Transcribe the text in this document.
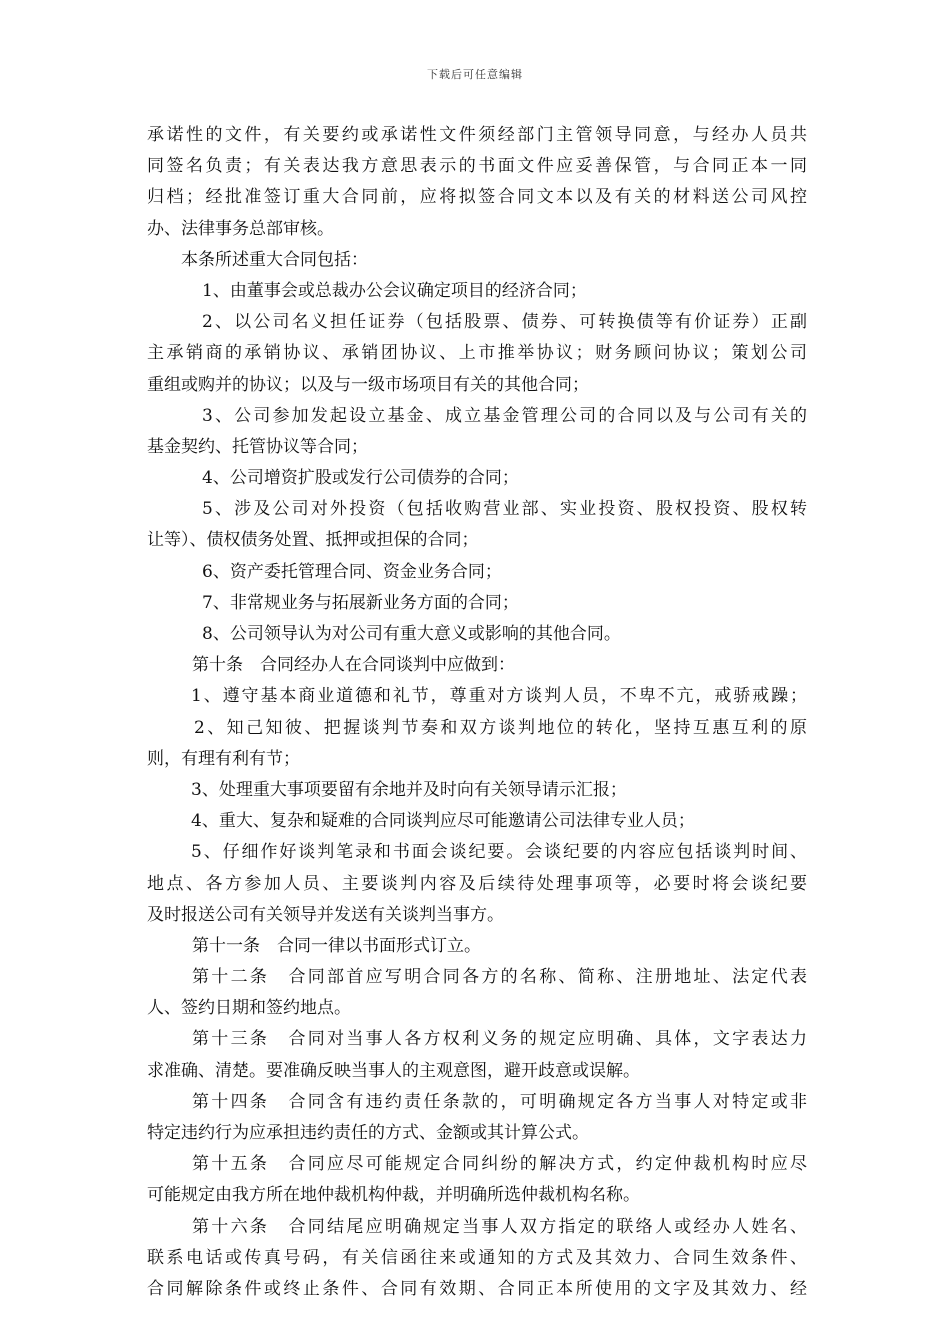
下载后可任意编辑
承诺性的文件，有关要约或承诺性文件须经部门主管领导同意，与经办人员共
同签名负责；有关表达我方意思表示的书面文件应妥善保管，与合同正本一同
归档；经批准签订重大合同前，应将拟签合同文本以及有关的材料送公司风控
办、法律事务总部审核。
本条所述重大合同包括：
1、由董事会或总裁办公会议确定项目的经济合同；
2、以公司名义担任证券（包括股票、债券、可转换债等有价证券）正副
主承销商的承销协议、承销团协议、上市推举协议；财务顾问协议；策划公司
重组或购并的协议；以及与一级市场项目有关的其他合同；
3、公司参加发起设立基金、成立基金管理公司的合同以及与公司有关的
基金契约、托管协议等合同；
4、公司增资扩股或发行公司债券的合同；
5、涉及公司对外投资（包括收购营业部、实业投资、股权投资、股权转
让等）、债权债务处置、抵押或担保的合同；
6、资产委托管理合同、资金业务合同；
7、非常规业务与拓展新业务方面的合同；
8、公司领导认为对公司有重大意义或影响的其他合同。
第十条　合同经办人在合同谈判中应做到：
1、遵守基本商业道德和礼节，尊重对方谈判人员，不卑不亢，戒骄戒躁；
2、知己知彼、把握谈判节奏和双方谈判地位的转化，坚持互惠互利的原
则，有理有利有节；
3、处理重大事项要留有余地并及时向有关领导请示汇报；
4、重大、复杂和疑难的合同谈判应尽可能邀请公司法律专业人员；
5、仔细作好谈判笔录和书面会谈纪要。会谈纪要的内容应包括谈判时间、
地点、各方参加人员、主要谈判内容及后续待处理事项等，必要时将会谈纪要
及时报送公司有关领导并发送有关谈判当事方。
第十一条　合同一律以书面形式订立。
第十二条　合同部首应写明合同各方的名称、简称、注册地址、法定代表
人、签约日期和签约地点。
第十三条　合同对当事人各方权利义务的规定应明确、具体，文字表达力
求准确、清楚。要准确反映当事人的主观意图，避开歧意或误解。
第十四条　合同含有违约责任条款的，可明确规定各方当事人对特定或非
特定违约行为应承担违约责任的方式、金额或其计算公式。
第十五条　合同应尽可能规定合同纠纷的解决方式，约定仲裁机构时应尽
可能规定由我方所在地仲裁机构仲裁，并明确所选仲裁机构名称。
第十六条　合同结尾应明确规定当事人双方指定的联络人或经办人姓名、
联系电话或传真号码，有关信函往来或通知的方式及其效力、合同生效条件、
合同解除条件或终止条件、合同有效期、合同正本所使用的文字及其效力、经
